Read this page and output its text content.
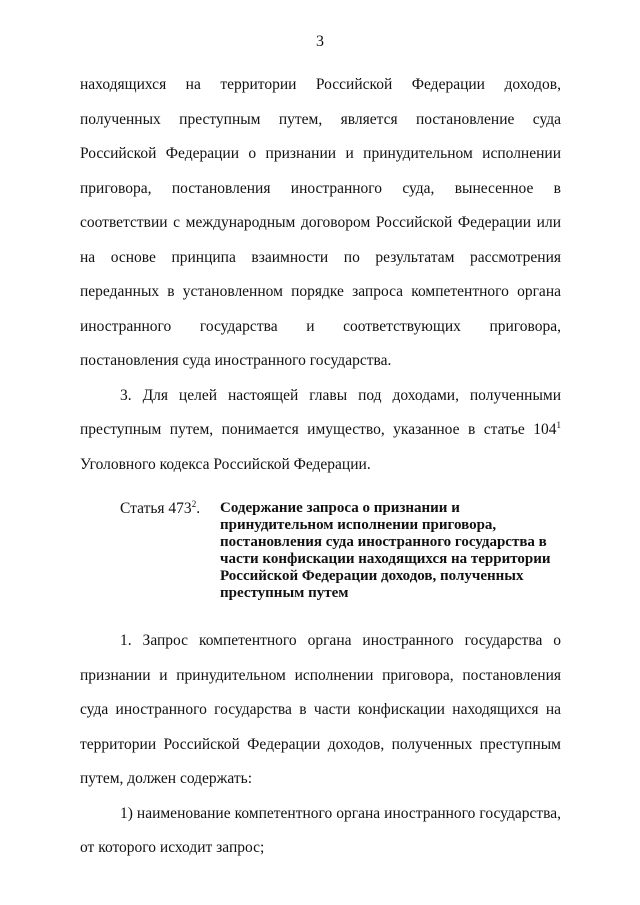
3

находящихся на территории Российской Федерации доходов, полученных преступным путем, является постановление суда Российской Федерации о признании и принудительном исполнении приговора, постановления иностранного суда, вынесенное в соответствии с международным договором Российской Федерации или на основе принципа взаимности по результатам рассмотрения переданных в установленном порядке запроса компетентного органа иностранного государства и соответствующих приговора, постановления суда иностранного государства.

3. Для целей настоящей главы под доходами, полученными преступным путем, понимается имущество, указанное в статье $104^1$ Уголовного кодекса Российской Федерации.

Статья $473^2$.	Содержание запроса о признании и принудительном исполнении приговора, постановления суда иностранного государства в части конфискации находящихся на территории Российской Федерации доходов, полученных преступным путем

1. Запрос компетентного органа иностранного государства о признании и принудительном исполнении приговора, постановления суда иностранного государства в части конфискации находящихся на территории Российской Федерации доходов, полученных преступным путем, должен содержать:

1) наименование компетентного органа иностранного государства, от которого исходит запрос;
